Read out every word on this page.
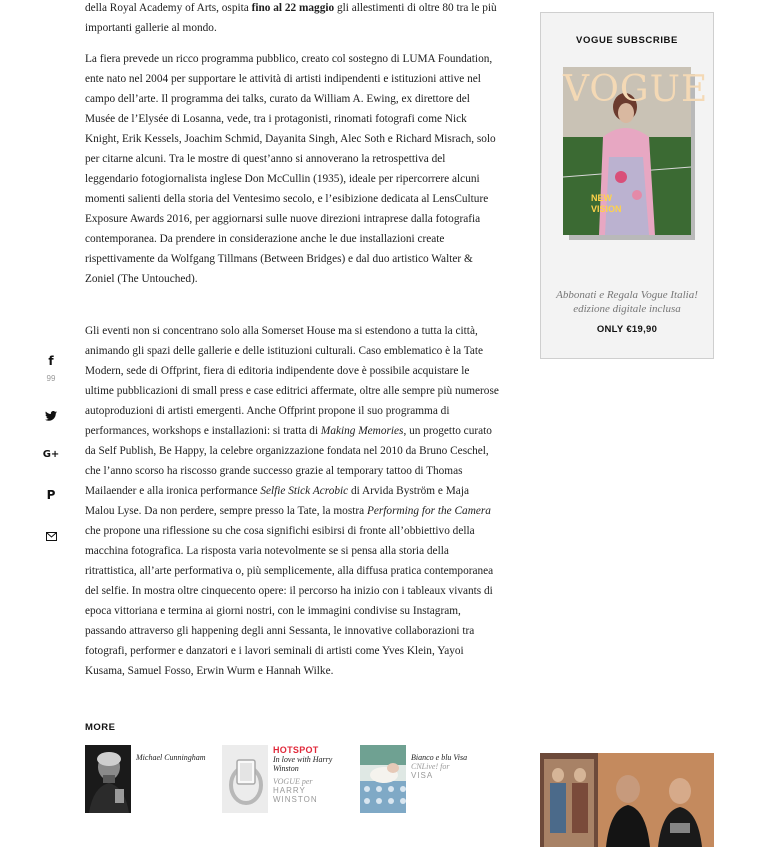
f
99
G+
P

della Royal Academy of Arts, ospita fino al 22 maggio gli allestimenti di oltre 80 tra le più importanti gallerie al mondo.

La fiera prevede un ricco programma pubblico, creato col sostegno di LUMA Foundation, ente nato nel 2004 per supportare le attività di artisti indipendenti e istituzioni attive nel campo dell’arte. Il programma dei talks, curato da William A. Ewing, ex direttore del Musée de l’Elysée di Losanna, vede, tra i protagonisti, rinomati fotografi come Nick Knight, Erik Kessels, Joachim Schmid, Dayanita Singh, Alec Soth e Richard Misrach, solo per citarne alcuni. Tra le mostre di quest’anno si annoverano la retrospettiva del leggendario fotogiornalista inglese Don McCullin (1935), ideale per ripercorrere alcuni momenti salienti della storia del Ventesimo secolo, e l’esibizione dedicata al LensCulture Exposure Awards 2016, per aggiornarsi sulle nuove direzioni intraprese dalla fotografia contemporanea. Da prendere in considerazione anche le due installazioni create rispettivamente da Wolfgang Tillmans (Between Bridges) e dal duo artistico Walter & Zoniel (The Untouched).

Gli eventi non si concentrano solo alla Somerset House ma si estendono a tutta la città, animando gli spazi delle gallerie e delle istituzioni culturali. Caso emblematico è la Tate Modern, sede di Offprint, fiera di editoria indipendente dove è possibile acquistare le ultime pubblicazioni di small press e case editrici affermate, oltre alle sempre più numerose autoproduzioni di artisti emergenti. Anche Offprint propone il suo programma di performances, workshops e installazioni: si tratta di Making Memories, un progetto curato da Self Publish, Be Happy, la celebre organizzazione fondata nel 2010 da Bruno Ceschel, che l’anno scorso ha riscosso grande successo grazie al temporary tattoo di Thomas Mailaender e alla ironica performance Selfie Stick Acrobic di Arvida Byström e Maja Malou Lyse. Da non perdere, sempre presso la Tate, la mostra Performing for the Camera che propone una riflessione su che cosa significhi esibirsi di fronte all’obbiettivo della macchina fotografica. La risposta varia notevolmente se si pensa alla storia della ritrattistica, all’arte performativa o, più semplicemente, alla diffusa pratica contemporanea del selfie. In mostra oltre cinquecento opere: il percorso ha inizio con i tableaux vivants di epoca vittoriana e termina ai giorni nostri, con le immagini condivise su Instagram, passando attraverso gli happening degli anni Sessanta, le innovative collaborazioni tra fotografi, performer e danzatori e i lavori seminali di artisti come Yves Klein, Yayoi Kusama, Samuel Fosso, Erwin Wurm e Hannah Wilke.

MORE
Michael Cunningham
HOTSPOT
In love with Harry Winston
VOGUE per
HARRY WINSTON
Bianco e blu Visa
CNLive! for
VISA
VOGUE SUBSCRIBE
VOGUE
NEW
VISION
Abbonati e Regala Vogue Italia!
edizione digitale inclusa
ONLY €19,90
